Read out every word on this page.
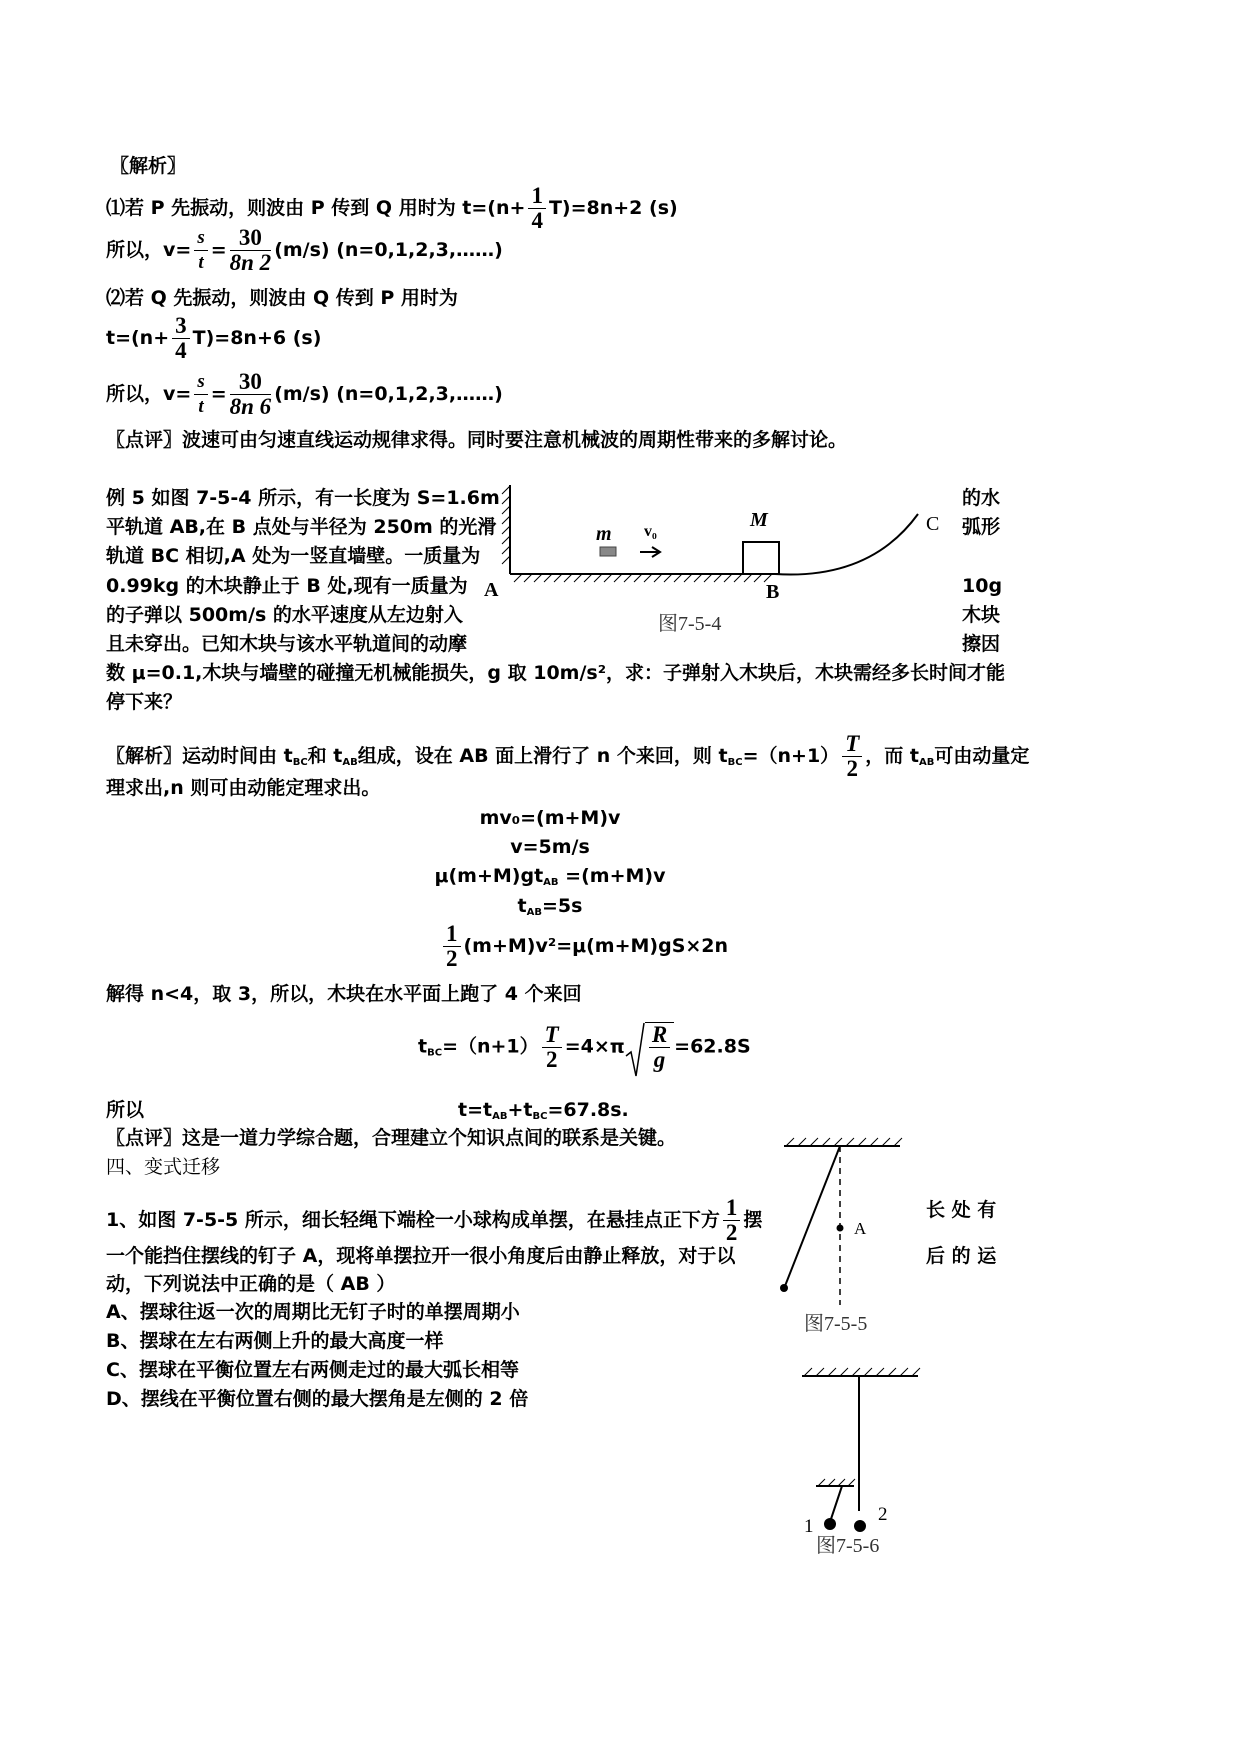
〖解析〗
⑴若 P 先振动，则波由 P 传到 Q 用时为 $t=(n+ \frac{1}{4} T)=8n+2$ (s)
所以，$v= \frac{s}{t} = \frac{30}{8n 2} (m/s)$ (n=0,1,2,3,……)
⑵若 Q 先振动，则波由 Q 传到 P 用时为
$t=(n+ \frac{3}{4} T)=8n+6$ (s)
所以，$v= \frac{s}{t} = \frac{30}{8n 6} (m/s)$ (n=0,1,2,3,……)
〖点评〗波速可由匀速直线运动规律求得。同时要注意机械波的周期性带来的多解讨论。
例 5 如图 7-5-4 所示，有一长度为 S=1.6m	的水
平轨道 AB,在 B 点处与半径为 250m 的光滑	弧形
轨道 BC 相切,A 处为一竖直墙壁。一质量为
0.99kg 的木块静止于 B 处,现有一质量为	10g
的子弹以 500m/s 的水平速度从左边射入	木块
且未穿出。已知木块与该水平轨道间的动摩	擦因
数 μ=0.1,木块与墙壁的碰撞无机械能损失，g 取 10m/s²，求：子弹射入木块后，木块需经多长时间才能
停下来？
m v₀
M
A	B
C
图7-5-4
〖解析〗运动时间由 $t_{BC}$和 $t_{AB}$组成，设在 AB 面上滑行了 n 个来回，则 $t_{BC}=(n+1) \frac{T}{2}$ ，而 $t_{AB}$可由动量定
理求出,n 则可由动能定理求出。
mv₀=(m+M)v
v=5m/s
$\mu(m+M)gt_{AB} =(m+M)v$
$t_{AB}=5s$
$\frac{1}{2} (m+M)v^2=\mu(m+M)gS\times 2n$
解得 n<4，取 3，所以，木块在水平面上跑了 4 个来回
$t_{BC}=(n+1) \frac{T}{2} =4\times\pi \frac{R}{g} =62.8S$
所以	$t=t_{AB}+t_{BC}=67.8s$.
〖点评〗这是一道力学综合题，合理建立个知识点间的联系是关键。
四、变式迁移
1、如图 7-5-5 所示，细长轻绳下端栓一小球构成单摆，在悬挂点正下方 $\frac{1}{2}$ 摆	长 处 有
一个能挡住摆线的钉子 A，现将单摆拉开一很小角度后由静止释放，对于以	后 的 运
动，下列说法中正确的是（ AB ）
A、摆球往返一次的周期比无钉子时的单摆周期小
B、摆球在左右两侧上升的最大高度一样
C、摆球在平衡位置左右两侧走过的最大弧长相等
D、摆线在平衡位置右侧的最大摆角是左侧的 2 倍
A
图7-5-5
1
2
图7-5-6
